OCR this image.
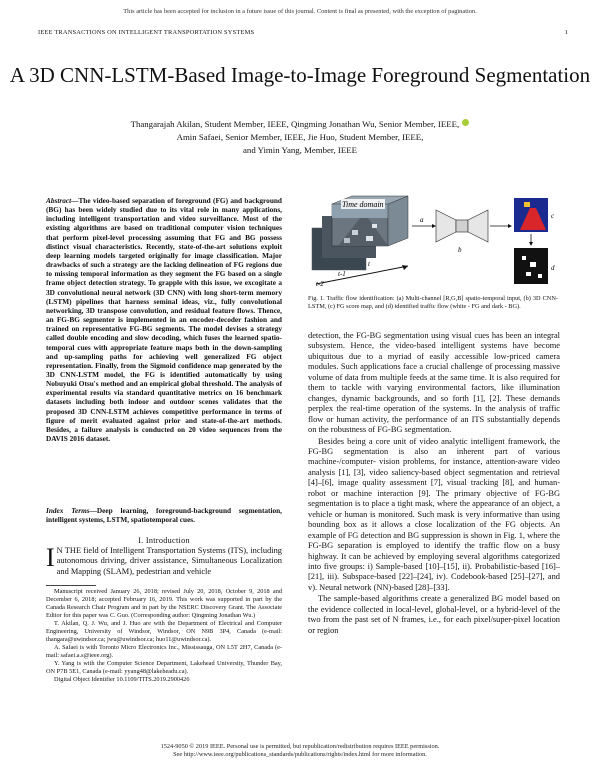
This article has been accepted for inclusion in a future issue of this journal. Content is final as presented, with the exception of pagination.
IEEE TRANSACTIONS ON INTELLIGENT TRANSPORTATION SYSTEMS	1
A 3D CNN-LSTM-Based Image-to-Image Foreground Segmentation
Thangarajah Akilan, Student Member, IEEE, Qingming Jonathan Wu, Senior Member, IEEE,
Amin Safaei, Senior Member, IEEE, Jie Huo, Student Member, IEEE,
and Yimin Yang, Member, IEEE
Abstract—The video-based separation of foreground (FG) and background (BG) has been widely studied due to its vital role in many applications, including intelligent transportation and video surveillance. Most of the existing algorithms are based on traditional computer vision techniques that perform pixel-level processing assuming that FG and BG possess distinct visual characteristics. Recently, state-of-the-art solutions exploit deep learning models targeted originally for image classification. Major drawbacks of such a strategy are the lacking delineation of FG regions due to missing temporal information as they segment the FG based on a single frame object detection strategy. To grapple with this issue, we excogitate a 3D convolutional neural network (3D CNN) with long short-term memory (LSTM) pipelines that harness seminal ideas, viz., fully convolutional networking, 3D transpose convolution, and residual feature flows. Thence, an FG-BG segmenter is implemented in an encoder-decoder fashion and trained on representative FG-BG segments. The model devises a strategy called double encoding and slow decoding, which fuses the learned spatio-temporal cues with appropriate feature maps both in the down-sampling and up-sampling paths for achieving well generalized FG object representation. Finally, from the Sigmoid confidence map generated by the 3D CNN-LSTM model, the FG is identified automatically by using Nobuyuki Otsu's method and an empirical global threshold. The analysis of experimental results via standard quantitative metrics on 16 benchmark datasets including both indoor and outdoor scenes validates that the proposed 3D CNN-LSTM achieves competitive performance in terms of figure of merit evaluated against prior and state-of-the-art methods. Besides, a failure analysis is conducted on 20 video sequences from the DAVIS 2016 dataset.
Index Terms—Deep learning, foreground-background segmentation, intelligent systems, LSTM, spatiotemporal cues.
I. Introduction
I N THE field of Intelligent Transportation Systems (ITS), including autonomous driving, driver assistance, Simultaneous Localization and Mapping (SLAM), pedestrian and vehicle

Manuscript received January 26, 2018; revised July 20, 2018, October 9, 2018 and December 6, 2018; accepted February 16, 2019. This work was supported in part by the Canada Research Chair Program and in part by the NSERC Discovery Grant. The Associate Editor for this paper was C. Guo. (Corresponding author: Qingming Jonathan Wu.)

T. Akilan, Q. J. Wu, and J. Huo are with the Department of Electrical and Computer Engineering, University of Windsor, Windsor, ON N9B 3P4, Canada (e-mail: thangara@uwindsor.ca; jwu@uwindsor.ca; huo11@uwindsor.ca).

A. Safaei is with Toronto Micro Electronics Inc., Mississauga, ON L5T 2H7, Canada (e-mail: safaei.a.s@ieee.org).

Y. Yang is with the Computer Science Department, Lakehead University, Thunder Bay, ON P7B 5E1, Canada (e-mail: yyang48@lakeheadu.ca).

Digital Object Identifier 10.1109/TITS.2019.2900426

Time domain
t
t-1
t-2
a
b
c
d
Fig. 1. Traffic flow identification: (a) Multi-channel [R,G,B] spatio-temporal input, (b) 3D CNN-LSTM, (c) FG score map, and (d) identified traffic flow (white - FG and dark - BG).

detection, the FG-BG segmentation using visual cues has been an integral subsystem. Hence, the video-based intelligent systems have become ubiquitous due to a myriad of easily accessible low-priced camera modules. Such applications face a crucial challenge of processing massive volume of data from multiple feeds at the same time. It is also required for them to tackle with varying environmental factors, like illumination changes, dynamic backgrounds, and so forth [1], [2]. These demands perplex the real-time operation of the systems. In the analysis of traffic flow or human activity, the performance of an ITS substantially depends on the robustness of FG-BG segmentation.

Besides being a core unit of video analytic intelligent framework, the FG-BG segmentation is also an inherent part of various machine-/computer- vision problems, for instance, attention-aware video analysis [1], [3], video saliency-based object segmentation and retrieval [4]–[6], image quality assessment [7], visual tracking [8], and human-robot or machine interaction [9]. The primary objective of FG-BG segmentation is to place a tight mask, where the appearance of an object, a vehicle or human is monitored. Such mask is very informative than using bounding box as it allows a close localization of the FG objects. An example of FG detection and BG suppression is shown in Fig. 1, where the FG-BG separation is employed to identify the traffic flow on a busy highway. It can be achieved by employing several algorithms categorized into five groups: i) Sample-based [10]–[15], ii). Probabilistic-based [16]–[21], iii). Subspace-based [22]–[24], iv). Codebook-based [25]–[27], and v). Neural network (NN)-based [28]–[33].

The sample-based algorithms create a generalized BG model based on the evidence collected in local-level, global-level, or a hybrid-level of the two from the past set of N frames, i.e., for each pixel/super-pixel location or region

1524-9050 © 2019 IEEE. Personal use is permitted, but republication/redistribution requires IEEE permission.
See http://www.ieee.org/publications_standards/publications/rights/index.html for more information.
